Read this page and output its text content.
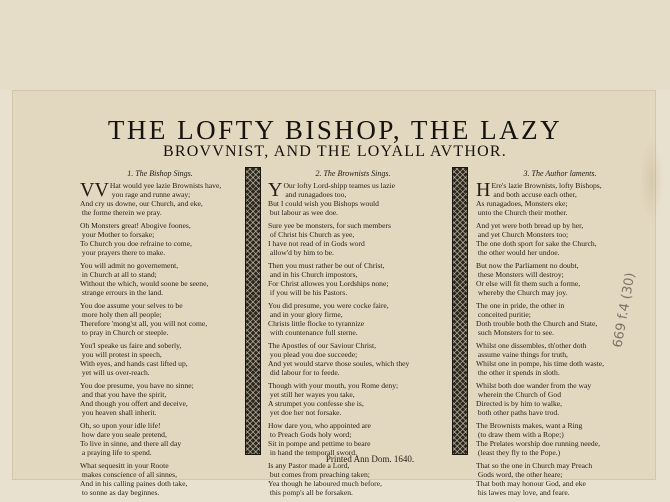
THE LOFTY BISHOP, THE LAZY
BROVVNIST, AND THE LOYALL AVTHOR.
1. The Bishop Sings.
VV Hat would yee lazie Brownists have,
you rage and runne away;
And cry us downe, our Church, and eke,
the forme therein we pray.
Oh Monsters great! Abogive foones,
your Mother to forsake;
To Church you doe refraine to come,
your prayers there to make.
You will admit no governement,
in Church at all to stand;
Without the which, would soone be seene,
strange errours in the land.
You doe assume your selves to be
more holy then all people;
Therefore 'mong'st all, you will not come,
to pray in Church or steeple.
You'l speake us faire and soberly,
you will protest in speech,
With eyes, and hands cast lifted up,
yet will us over-reach.
You doe presume, you have no sinne;
and that you have the spirit,
And though you offert and deceive,
you heaven shall inherit.
Oh, so upon your idle life!
how dare you seale pretend,
To live in sinne, and there all day
a praying life to spend.
What sequesitt in your Roote
makes conscience of all sinnes,
And in his calling paines doth take,
to sonne as day beginnes.
2. The Brownists Sings.
Y Our lofty Lord-shipp teames us lazie
and runagadoes too,
But I could wish you Bishops would
but labour as wee doe.
Sure yee be monsters, for such members
of Christ his Church as yee,
I have not read of in Gods word
allow'd by him to be.
Then you must rather be out of Christ,
and in his Church impostors,
For Christ allowes you Lordships none;
if you will be his Pastors.
You did presume, you were cocke faire,
and in your glory firme,
Christs little flocke to tyrannize
with countenance full sterne.
The Apostles of our Saviour Christ,
you plead you doe succeede;
And yet would starve those soules, which they
did labour for to feede.
Though with your mouth, you Rome deny;
yet still her wayes you take,
A strumpet you confesse she is,
yet doe her not forsake.
How dare you, who appointed are
to Preach Gods holy word;
Sit in pompe and pettime to beare
in hand the temporall sword.
Is any Pastor made a Lord,
but comes from preaching taken;
Yea though he laboured much before,
this pomp's all be forsaken.
3. The Author laments.
H Ere's lazie Brownists, lofty Bishops,
and both accuse each other,
As runagadoes, Monsters eke;
unto the Church their mother.
And yet were both bread up by her,
and yet Church Monsters too;
The one doth sport for sake the Church,
the other would her undoe.
But now the Parliament no doubt,
these Monsters will destroy;
Or else will fit them such a forme,
whereby the Church may joy.
The one in pride, the other in
conceited puritie;
Doth trouble both the Church and State,
such Monsters for to see.
Whilst one dissembles, th'other doth
assume vaine things for truth,
Whilst one in pompe, his time doth waste,
the other it spends in sloth.
Whilst both doe wander from the way
wherein the Church of God
Directed is by him to walke,
both other paths have trod.
The Brownists makes, want a Ring
(to draw them with a Rope;)
The Prelates worship doe running neede,
(least they fly to the Pope.)
That so the one in Church may Preach
Gods word, the other heare;
That both may honour God, and eke
his lawes may love, and feare.
Printed Ann Dom. 1640.
669 f.4 (30)
